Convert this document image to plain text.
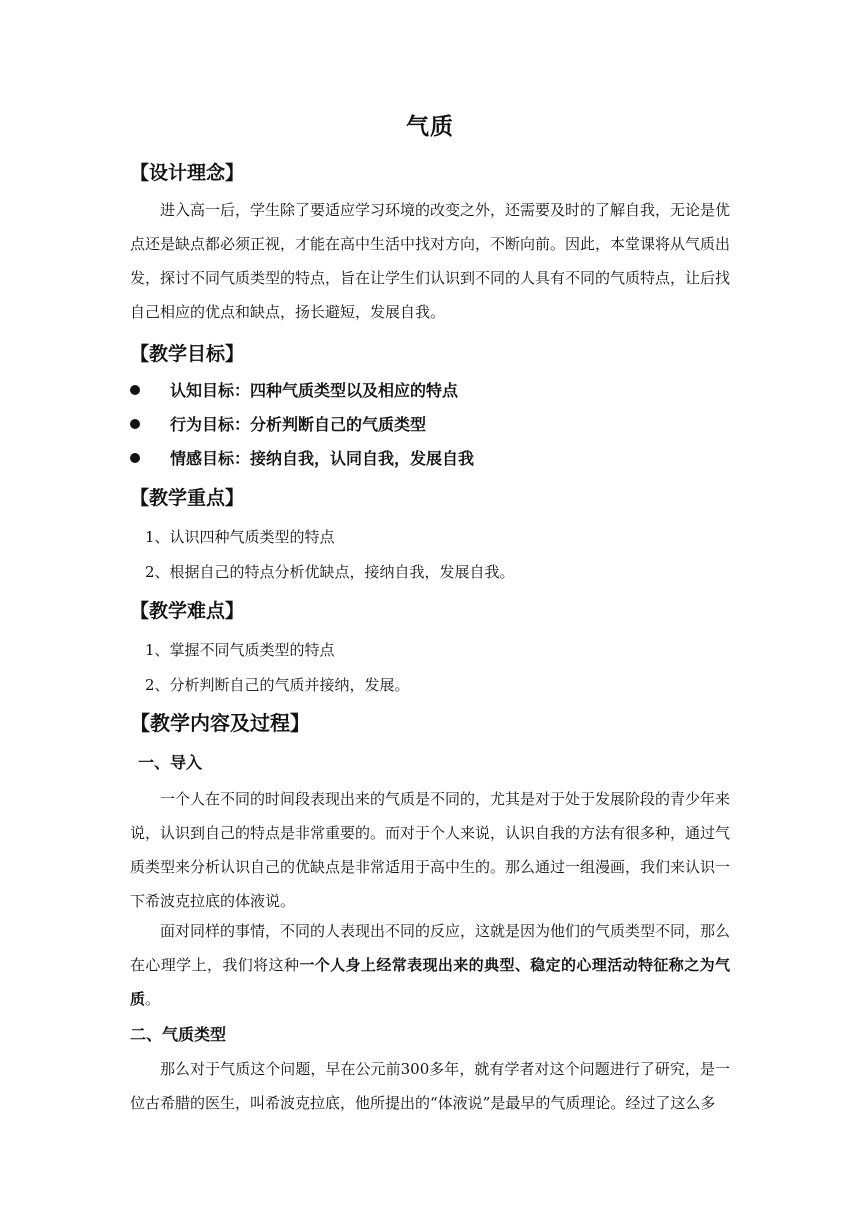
气质
【设计理念】
进入高一后，学生除了要适应学习环境的改变之外，还需要及时的了解自我，无论是优点还是缺点都必须正视，才能在高中生活中找对方向，不断向前。因此，本堂课将从气质出发，探讨不同气质类型的特点，旨在让学生们认识到不同的人具有不同的气质特点，让后找自己相应的优点和缺点，扬长避短，发展自我。
【教学目标】
认知目标：四种气质类型以及相应的特点
行为目标：分析判断自己的气质类型
情感目标：接纳自我，认同自我，发展自我
【教学重点】
1、认识四种气质类型的特点
2、根据自己的特点分析优缺点，接纳自我，发展自我。
【教学难点】
1、掌握不同气质类型的特点
2、分析判断自己的气质并接纳，发展。
【教学内容及过程】
一、导入
一个人在不同的时间段表现出来的气质是不同的，尤其是对于处于发展阶段的青少年来说，认识到自己的特点是非常重要的。而对于个人来说，认识自我的方法有很多种，通过气质类型来分析认识自己的优缺点是非常适用于高中生的。那么通过一组漫画，我们来认识一下希波克拉底的体液说。
面对同样的事情，不同的人表现出不同的反应，这就是因为他们的气质类型不同，那么在心理学上，我们将这种一个人身上经常表现出来的典型、稳定的心理活动特征称之为气质。
二、气质类型
那么对于气质这个问题，早在公元前300多年，就有学者对这个问题进行了研究，是一位古希腊的医生，叫希波克拉底，他所提出的“体液说”是最早的气质理论。经过了这么多
